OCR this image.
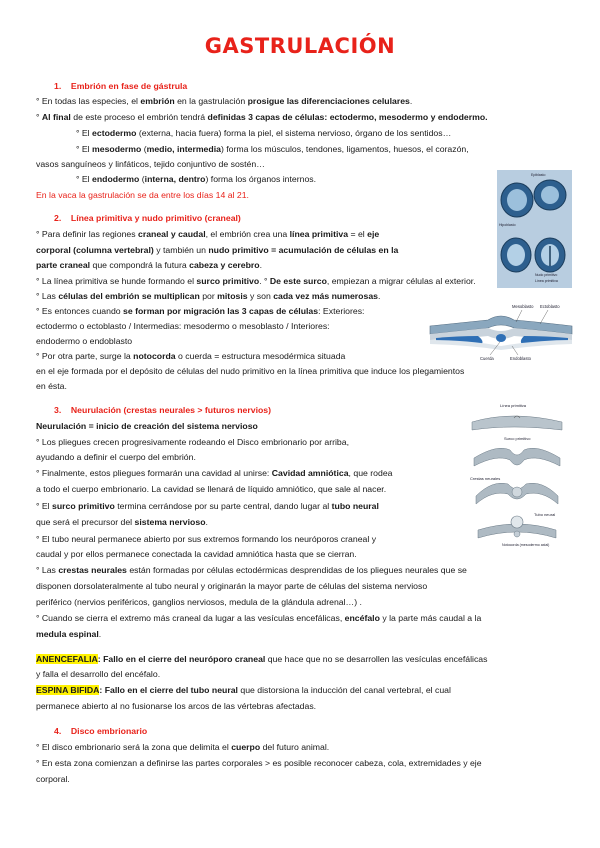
GASTRULACIÓN
1.    Embrión en fase de gástrula
° En todas las especies, el embrión en la gastrulación prosigue las diferenciaciones celulares.
° Al final de este proceso el embrión tendrá definidas 3 capas de células: ectodermo, mesodermo y endodermo.
° El ectodermo (externa, hacia fuera) forma la piel, el sistema nervioso, órgano de los sentidos…
° El mesodermo (medio, intermedia) forma los músculos, tendones, ligamentos, huesos, el corazón,
vasos sanguíneos y linfáticos, tejido conjuntivo de sostén…
° El endodermo (interna, dentro) forma los órganos internos.
En la vaca la gastrulación se da entre los días 14 al 21.
Epiblasto
Hipoblasto
Nudo primitivo
Línea primitiva
2.    Línea primitiva y nudo primitivo (craneal)
° Para definir las regiones craneal y caudal, el embrión crea una línea primitiva = el eje
corporal (columna vertebral) y también un nudo primitivo = acumulación de células en la
parte craneal que compondrá la futura cabeza y cerebro.
° La línea primitiva se hunde formando el surco primitivo. ° De este surco, empiezan a migrar células al exterior.
° Las células del embrión se multiplican por mitosis y son cada vez más numerosas.
° Es entonces cuando se forman por migración las 3 capas de células: Exteriores:
ectodermo o ectoblasto / Intermedias: mesodermo o mesoblasto / Interiores:
endodermo o endoblasto
° Por otra parte, surge la notocorda o cuerda = estructura mesodérmica situada
en el eje formada por el depósito de células del nudo primitivo en la línea primitiva que induce los plegamientos
en ésta.
Mesoblasto Ectoblasto
Cuerda	Endoblasto
3.    Neurulación (crestas neurales > futuros nervios)
Neurulación = inicio de creación del sistema nervioso
° Los pliegues crecen progresivamente rodeando el Disco embrionario por arriba,
ayudando a definir el cuerpo del embrión.
° Finalmente, estos pliegues formarán una cavidad al unirse: Cavidad amniótica, que rodea
a todo el cuerpo embrionario. La cavidad se llenará de líquido amniótico, que sale al nacer.
° El surco primitivo termina cerrándose por su parte central, dando lugar al tubo neural
que será el precursor del sistema nervioso.
° El tubo neural permanece abierto por sus extremos formando los neuróporos craneal y
caudal y por ellos permanece conectada la cavidad amniótica hasta que se cierran.
° Las crestas neurales están formadas por células ectodérmicas desprendidas de los pliegues neurales que se
disponen dorsolateralmente al tubo neural y originarán la mayor parte de células del sistema nervioso
periférico (nervios periféricos, ganglios nerviosos, medula de la glándula adrenal…) .
° Cuando se cierra el extremo más craneal da lugar a las vesículas encefálicas, encéfalo y la parte más caudal a la
medula espinal.
Línea primitiva
Surco primitivo
Crestas neurales
Tubo neural
Notocorda (mesodermo axial)
ANENCEFALIA: Fallo en el cierre del neuróporo craneal que hace que no se desarrollen las vesículas encefálicas
y falla el desarrollo del encéfalo.
ESPINA BIFIDA: Fallo en el cierre del tubo neural que distorsiona la inducción del canal vertebral, el cual
permanece abierto al no fusionarse los arcos de las vértebras afectadas.
4.    Disco embrionario
° El disco embrionario será la zona que delimita el cuerpo del futuro animal.
° En esta zona comienzan a definirse las partes corporales > es posible reconocer cabeza, cola, extremidades y eje
corporal.
